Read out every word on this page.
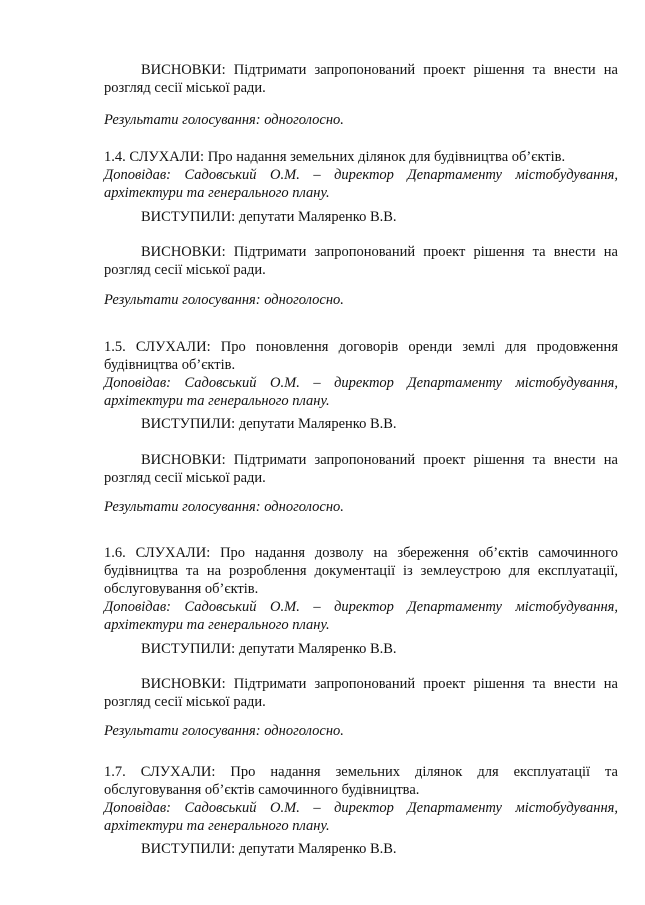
ВИСНОВКИ: Підтримати запропонований проект рішення та внести на розгляд сесії міської ради.

Результати голосування: одноголосно.

1.4. СЛУХАЛИ: Про надання земельних ділянок для будівництва об’єктів.

Доповідав: Садовський О.М. – директор Департаменту містобудування,

архітектури та генерального плану.

ВИСТУПИЛИ: депутати Маляренко В.В.

ВИСНОВКИ: Підтримати запропонований проект рішення та внести на розгляд сесії міської ради.

Результати голосування: одноголосно.

1.5. СЛУХАЛИ: Про поновлення договорів оренди землі для продовження

будівництва об’єктів.

Доповідав: Садовський О.М. – директор Департаменту містобудування,

архітектури та генерального плану.

ВИСТУПИЛИ: депутати Маляренко В.В.

ВИСНОВКИ: Підтримати запропонований проект рішення та внести на розгляд сесії міської ради.

Результати голосування: одноголосно.

1.6. СЛУХАЛИ: Про надання дозволу на збереження об’єктів самочинного

будівництва та на розроблення документації із землеустрою для експлуатації,

обслуговування об’єктів.

Доповідав: Садовський О.М. – директор Департаменту містобудування,

архітектури та генерального плану.

ВИСТУПИЛИ: депутати Маляренко В.В.

ВИСНОВКИ: Підтримати запропонований проект рішення та внести на розгляд сесії міської ради.

Результати голосування: одноголосно.

1.7. СЛУХАЛИ: Про надання земельних ділянок для експлуатації та

обслуговування об’єктів самочинного будівництва.

Доповідав: Садовський О.М. – директор Департаменту містобудування,

архітектури та генерального плану.

ВИСТУПИЛИ: депутати Маляренко В.В.
